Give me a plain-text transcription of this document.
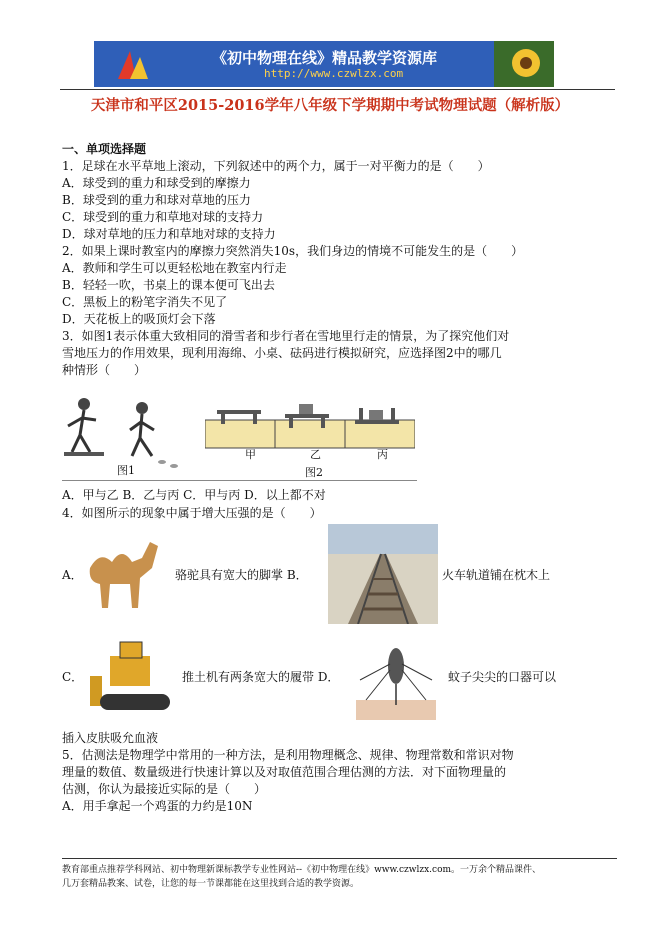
《初中物理在线》精品教学资源库
http://www.czwlzx.com
天津市和平区2015-2016学年八年级下学期期中考试物理试题（解析版）
一、单项选择题
1．足球在水平草地上滚动，下列叙述中的两个力，属于一对平衡力的是（　　）
A．球受到的重力和球受到的摩擦力
B．球受到的重力和球对草地的压力
C．球受到的重力和草地对球的支持力
D．球对草地的压力和草地对球的支持力
2．如果上课时教室内的摩擦力突然消失10s，我们身边的情境不可能发生的是（　　）
A．教师和学生可以更轻松地在教室内行走
B．轻轻一吹，书桌上的课本便可飞出去
C．黑板上的粉笔字消失不见了
D．天花板上的吸顶灯会下落
3．如图1表示体重大致相同的滑雪者和步行者在雪地里行走的情景，为了探究他们对
雪地压力的作用效果，现利用海绵、小桌、砝码进行模拟研究，应选择图2中的哪几
种情形（　　）
图1
甲	乙	丙
图2
A．甲与乙 B．乙与丙 C．甲与丙 D．以上都不对
4．如图所示的现象中属于增大压强的是（　　）
A．	骆驼具有宽大的脚掌 B．	火车轨道铺在枕木上
C．	推土机有两条宽大的履带 D．	蚊子尖尖的口器可以
插入皮肤吸允血液
5．估测法是物理学中常用的一种方法，是利用物理概念、规律、物理常数和常识对物
理量的数值、数量级进行快速计算以及对取值范围合理估测的方法．对下面物理量的
估测，你认为最接近实际的是（　　）
A．用手拿起一个鸡蛋的力约是10N
教育部重点推荐学科网站、初中物理新课标教学专业性网站--《初中物理在线》www.czwlzx.com。一万余个精品课件、
几万套精品教案、试卷，让您的每一节课都能在这里找到合适的教学资源。
